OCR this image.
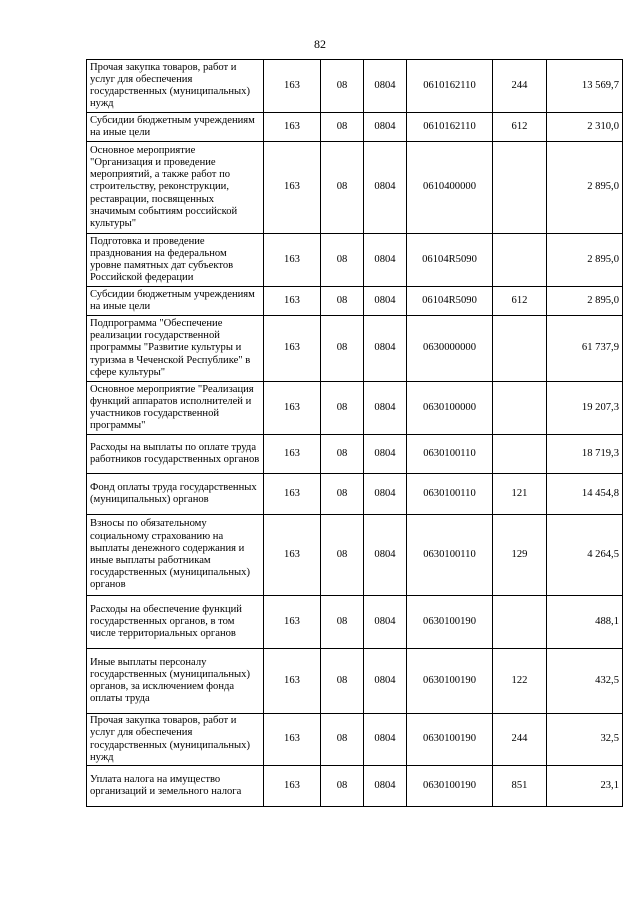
82
Прочая закупка товаров, работ и услуг для обеспечения государственных (муниципальных) нужд	163	08	0804	0610162110	244	13 569,7
Субсидии бюджетным учреждениям на иные цели	163	08	0804	0610162110	612	2 310,0
Основное мероприятие "Организация и проведение мероприятий, а также работ по строительству, реконструкции, реставрации, посвященных значимым событиям российской культуры"	163	08	0804	0610400000		2 895,0
Подготовка и проведение празднования на федеральном уровне памятных дат субъектов Российской федерации	163	08	0804	06104R5090		2 895,0
Субсидии бюджетным учреждениям на иные цели	163	08	0804	06104R5090	612	2 895,0
Подпрограмма "Обеспечение реализации государственной программы "Развитие культуры и туризма в Чеченской Республике" в сфере культуры"	163	08	0804	0630000000		61 737,9
Основное мероприятие "Реализация функций аппаратов исполнителей и участников государственной программы"	163	08	0804	0630100000		19 207,3
Расходы на выплаты по оплате труда работников государственных органов	163	08	0804	0630100110		18 719,3
Фонд оплаты труда государственных (муниципальных) органов	163	08	0804	0630100110	121	14 454,8
Взносы по обязательному социальному страхованию на выплаты денежного содержания и иные выплаты работникам государственных (муниципальных) органов	163	08	0804	0630100110	129	4 264,5
Расходы на обеспечение функций государственных органов, в том числе территориальных органов	163	08	0804	0630100190		488,1
Иные выплаты персоналу государственных (муниципальных) органов, за исключением фонда оплаты труда	163	08	0804	0630100190	122	432,5
Прочая закупка товаров, работ и услуг для обеспечения государственных (муниципальных) нужд	163	08	0804	0630100190	244	32,5
Уплата налога на имущество организаций и земельного налога	163	08	0804	0630100190	851	23,1
